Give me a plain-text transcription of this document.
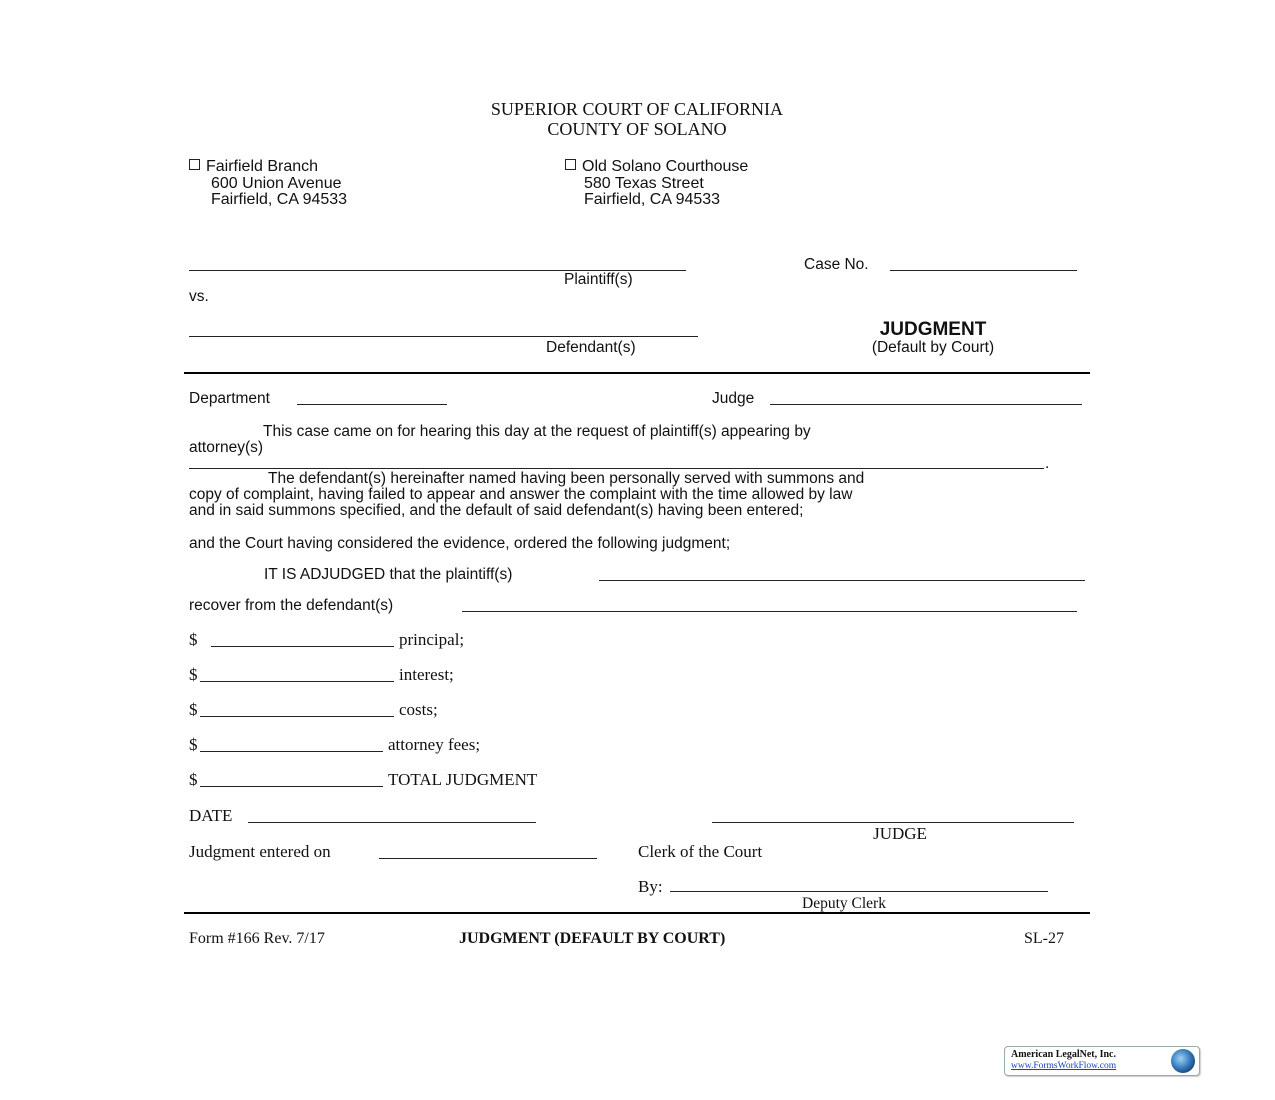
SUPERIOR COURT OF CALIFORNIA
COUNTY OF SOLANO
Fairfield Branch
600 Union Avenue
Fairfield, CA 94533
Old Solano Courthouse
580 Texas Street
Fairfield, CA 94533
Plaintiff(s)
vs.
Defendant(s)
Case No.
JUDGMENT
(Default by Court)
Department	Judge
This case came on for hearing this day at the request of plaintiff(s) appearing by
attorney(s)
.
The defendant(s) hereinafter named having been personally served with summons and
copy of complaint, having failed to appear and answer the complaint with the time allowed by law
and in said summons specified, and the default of said defendant(s) having been entered;
and the Court having considered the evidence, ordered the following judgment;
IT IS ADJUDGED that the plaintiff(s)
recover from the defendant(s)
$	principal;
$	interest;
$	costs;
$	attorney fees;
$	TOTAL JUDGMENT
DATE
JUDGE
Judgment entered on	Clerk of the Court
By:
Deputy Clerk
Form #166 Rev. 7/17	JUDGMENT (DEFAULT BY COURT)	SL-27
American LegalNet, Inc.
www.FormsWorkFlow.com
